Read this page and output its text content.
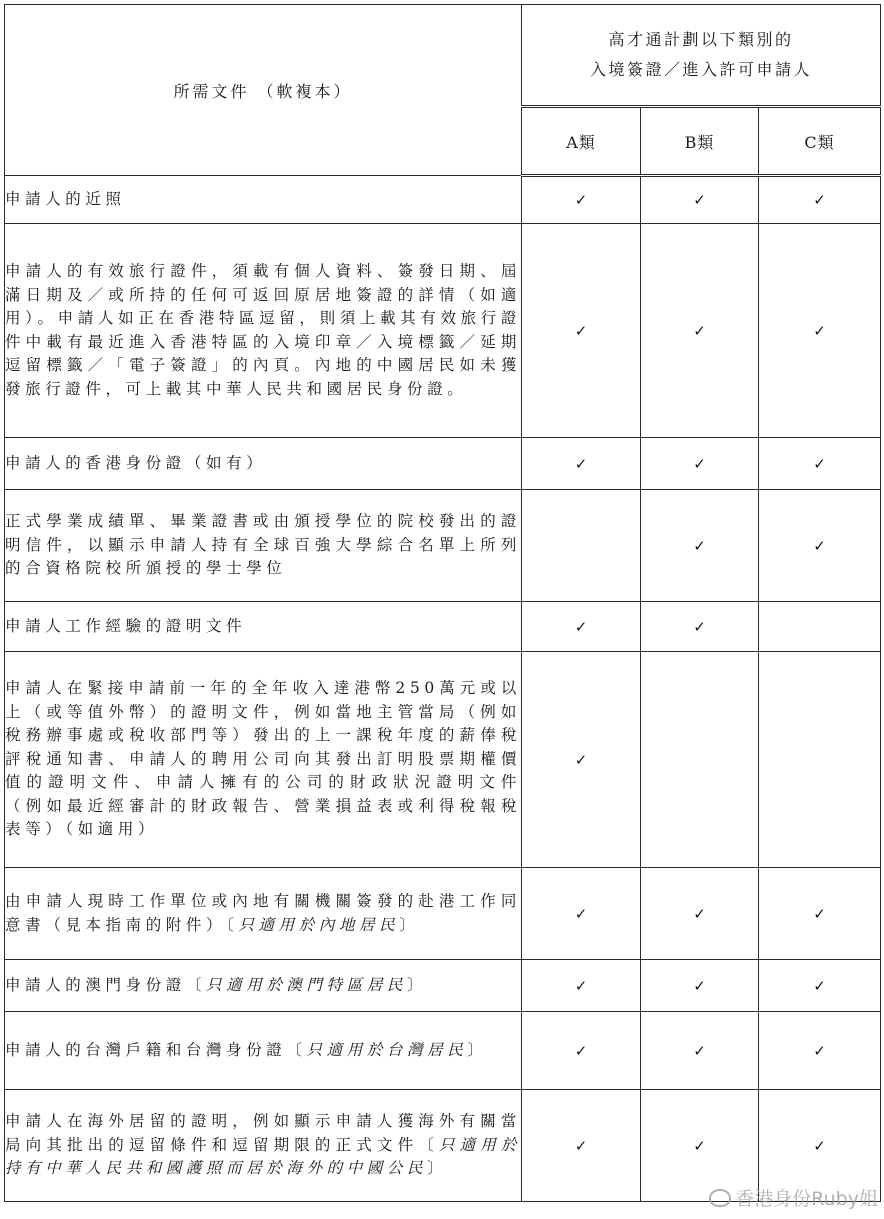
所需文件 （軟複本）	高才通計劃以下類別的
入境簽證／進入許可申請人		

	A類	B類	C類
申請人的近照	✓	✓	✓
申請人的有效旅行證件，須載有個人資料、簽發日期、屆滿日期及／或所持的任何可返回原居地簽證的詳情（如適用）。申請人如正在香港特區逗留，則須上載其有效旅行證件中載有最近進入香港特區的入境印章／入境標籤／延期逗留標籤／「電子簽證」的內頁。內地的中國居民如未獲發旅行證件，可上載其中華人民共和國居民身份證。	✓	✓	✓
申請人的香港身份證（如有）	✓	✓	✓
正式學業成績單、畢業證書或由頒授學位的院校發出的證明信件，以顯示申請人持有全球百強大學綜合名單上所列的合資格院校所頒授的學士學位		✓	✓
申請人工作經驗的證明文件	✓	✓	
申請人在緊接申請前一年的全年收入達港幣250萬元或以上（或等值外幣）的證明文件，例如當地主管當局（例如稅務辦事處或稅收部門等）發出的上一課稅年度的薪俸稅評稅通知書、申請人的聘用公司向其發出訂明股票期權價值的證明文件、申請人擁有的公司的財政狀況證明文件（例如最近經審計的財政報告、營業損益表或利得稅報稅表等）（如適用）	✓		
由申請人現時工作單位或內地有關機關簽發的赴港工作同意書（見本指南的附件）〔只適用於內地居民〕	✓	✓	✓
申請人的澳門身份證〔只適用於澳門特區居民〕	✓	✓	✓
申請人的台灣戶籍和台灣身份證〔只適用於台灣居民〕	✓	✓	✓
申請人在海外居留的證明，例如顯示申請人獲海外有關當局向其批出的逗留條件和逗留期限的正式文件〔只適用於持有中華人民共和國護照而居於海外的中國公民〕	✓	✓	✓
香港身份Ruby姐
